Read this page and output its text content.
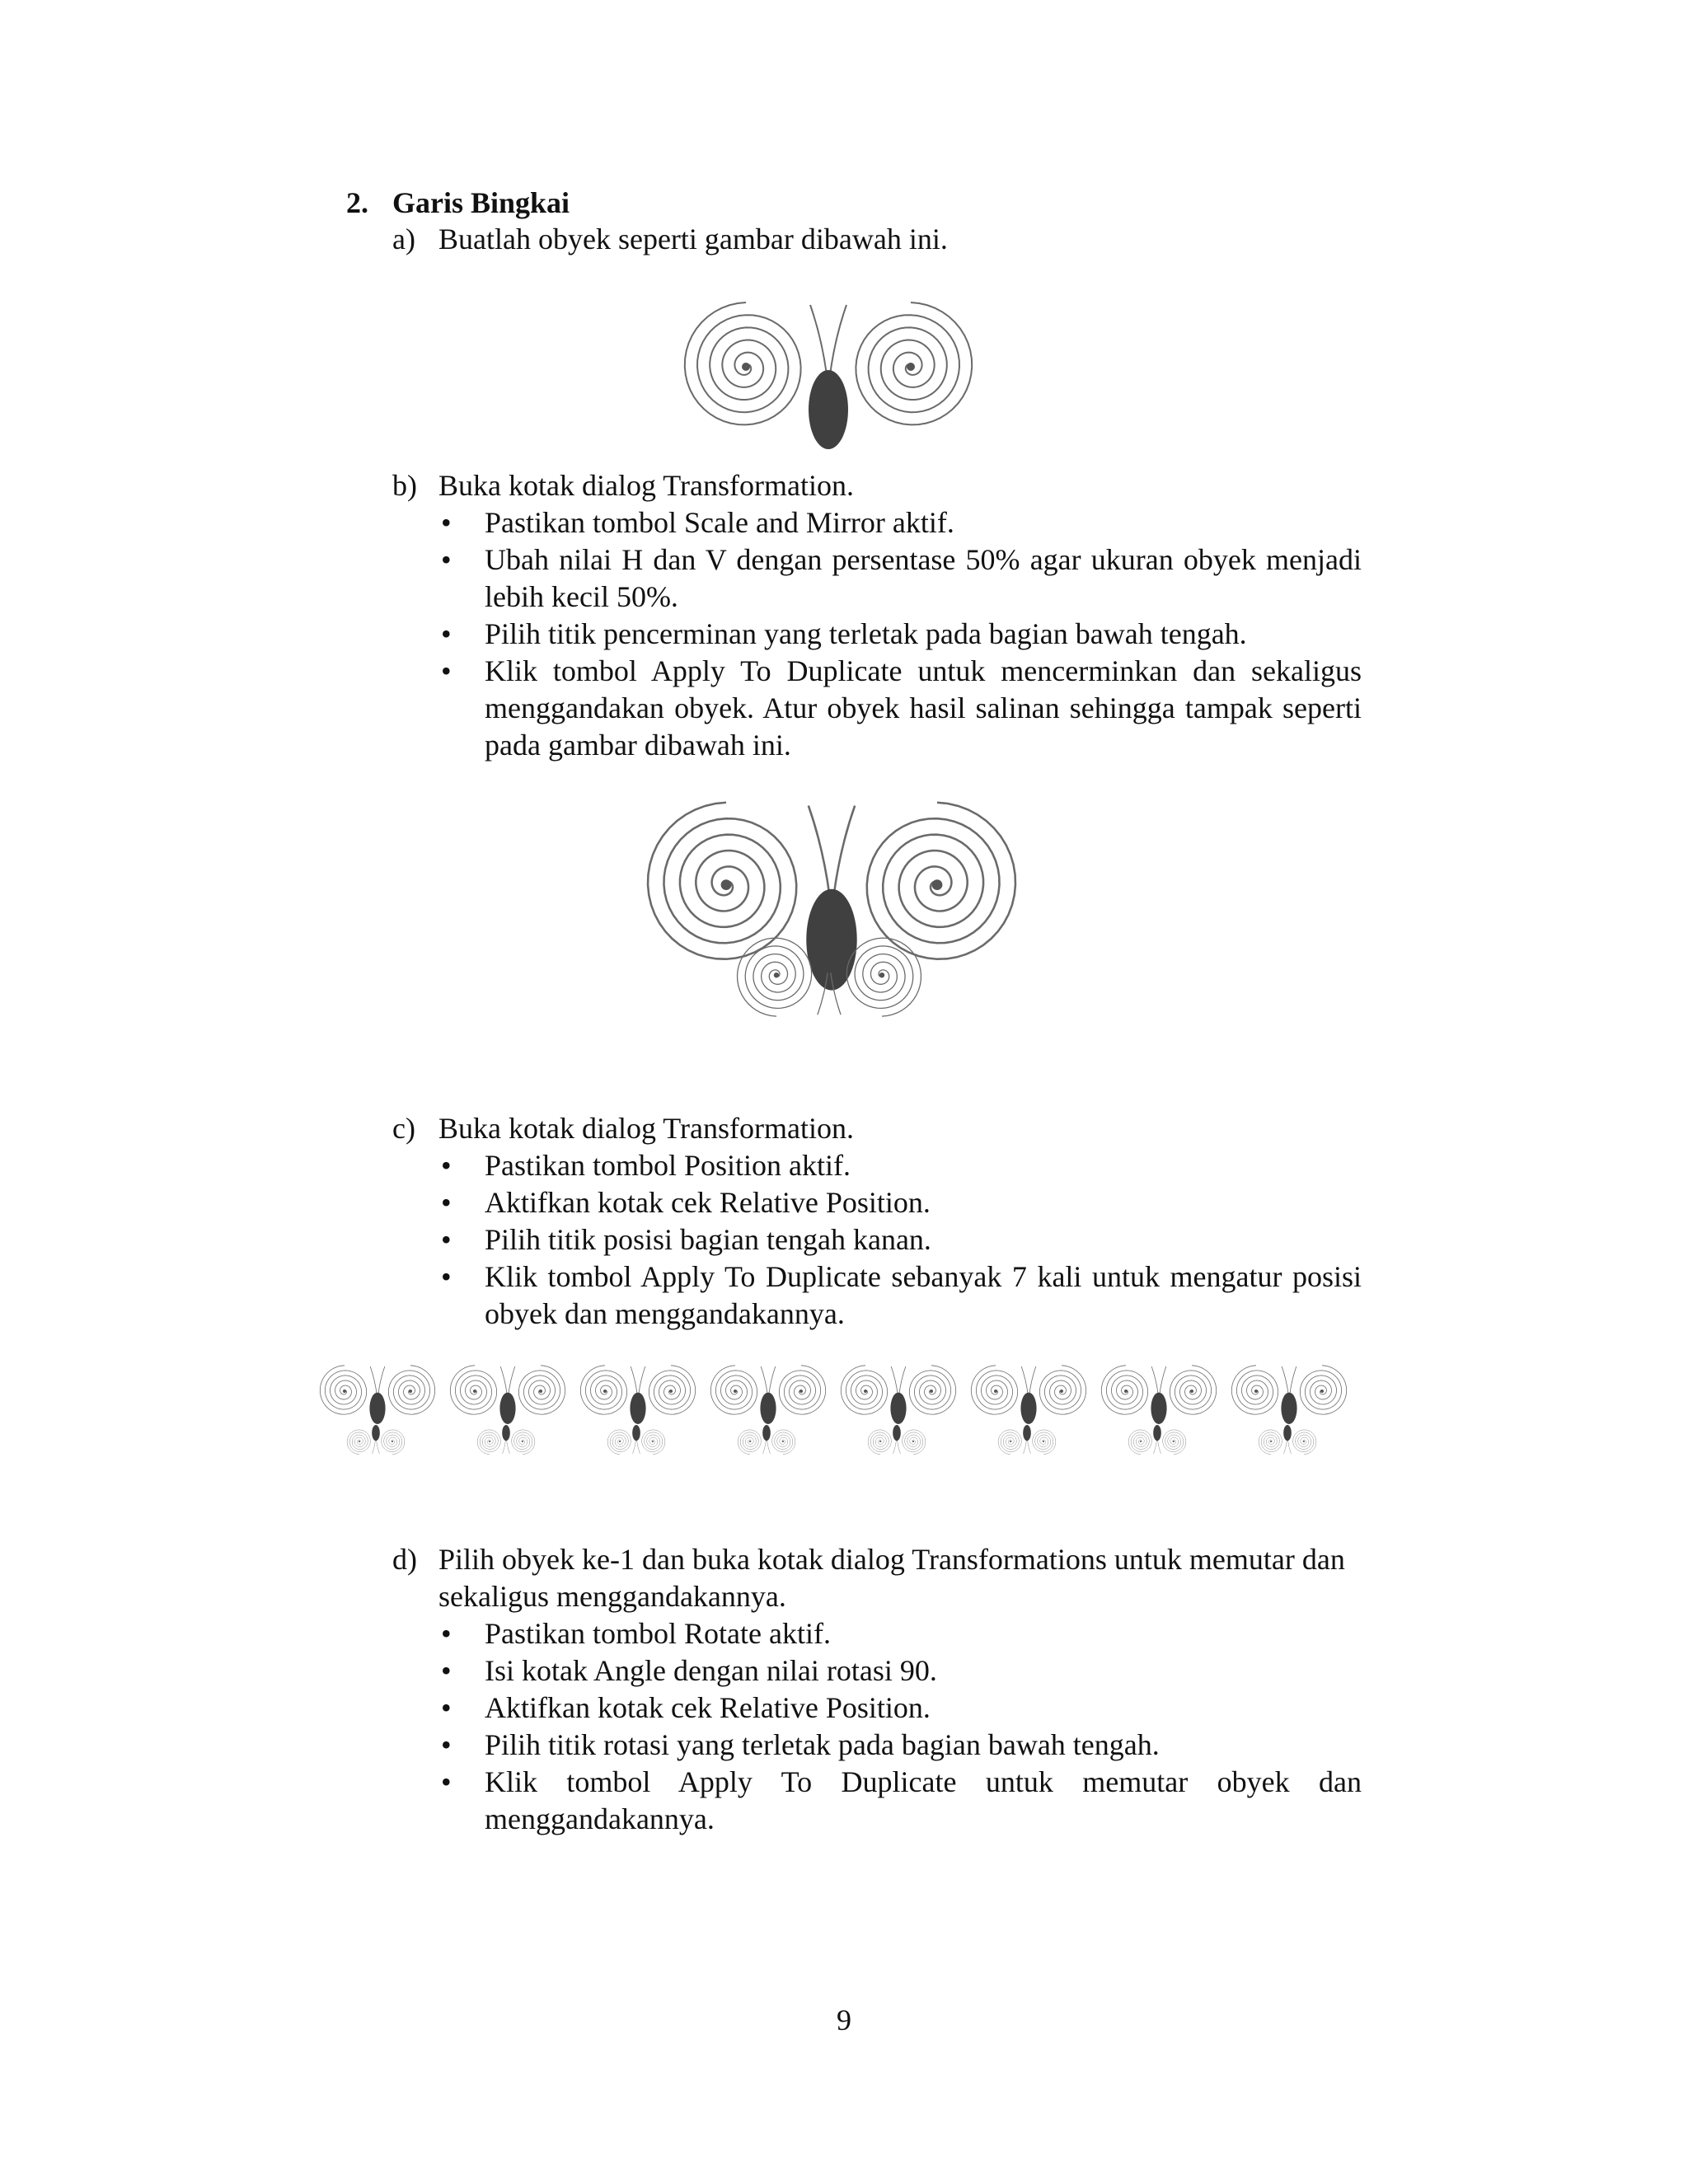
2. Garis Bingkai
a) Buatlah obyek seperti gambar dibawah ini.
b) Buka kotak dialog Transformation.
• Pastikan tombol Scale and Mirror aktif.
• Ubah nilai H dan V dengan persentase 50% agar ukuran obyek menjadi lebih kecil 50%.
• Pilih titik pencerminan yang terletak pada bagian bawah tengah.
• Klik tombol Apply To Duplicate untuk mencerminkan dan sekaligus menggandakan obyek. Atur obyek hasil salinan sehingga tampak seperti pada gambar dibawah ini.
c) Buka kotak dialog Transformation.
• Pastikan tombol Position aktif.
• Aktifkan kotak cek Relative Position.
• Pilih titik posisi bagian tengah kanan.
• Klik tombol Apply To Duplicate sebanyak 7 kali untuk mengatur posisi obyek dan menggandakannya.
d) Pilih obyek ke-1 dan buka kotak dialog Transformations untuk memutar dan sekaligus menggandakannya.
• Pastikan tombol Rotate aktif.
• Isi kotak Angle dengan nilai rotasi 90.
• Aktifkan kotak cek Relative Position.
• Pilih titik rotasi yang terletak pada bagian bawah tengah.
• Klik tombol Apply To Duplicate untuk memutar obyek dan menggandakannya.
9
